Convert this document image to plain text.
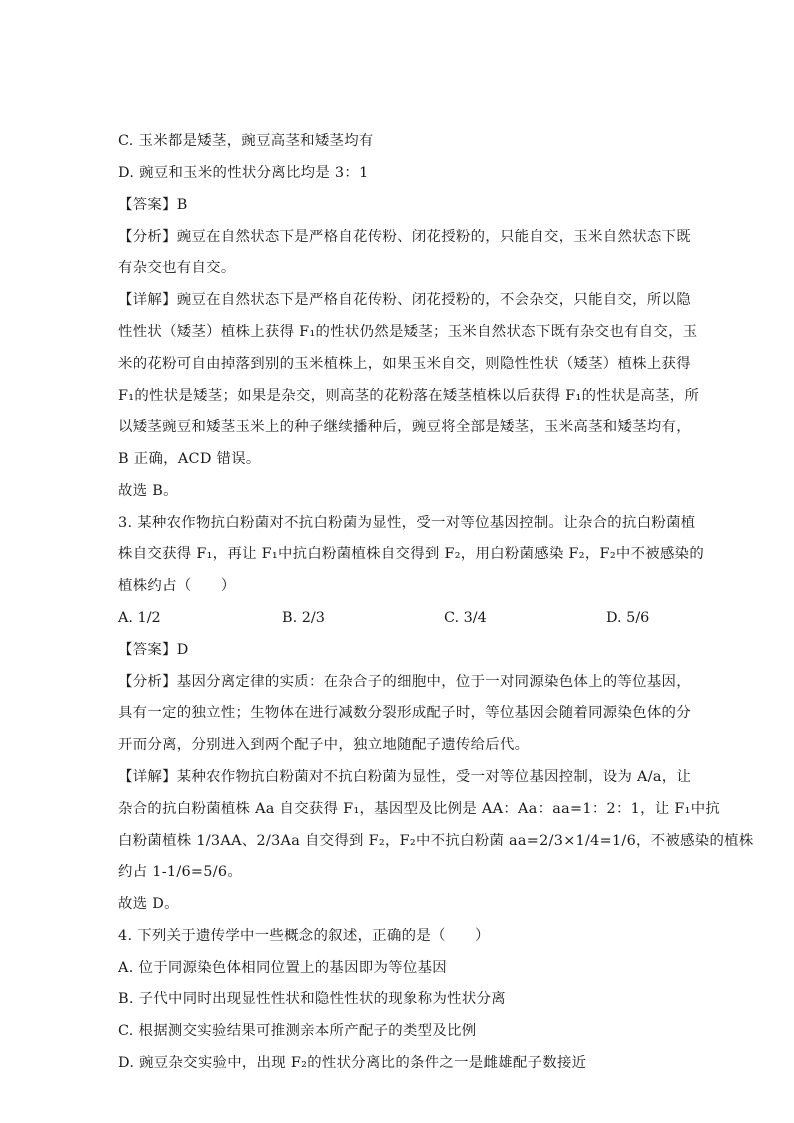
C. 玉米都是矮茎，豌豆高茎和矮茎均有
D. 豌豆和玉米的性状分离比均是 3：1
【答案】B
【分析】豌豆在自然状态下是严格自花传粉、闭花授粉的，只能自交，玉米自然状态下既
有杂交也有自交。
【详解】豌豆在自然状态下是严格自花传粉、闭花授粉的，不会杂交，只能自交，所以隐
性性状（矮茎）植株上获得 F₁的性状仍然是矮茎；玉米自然状态下既有杂交也有自交，玉
米的花粉可自由掉落到别的玉米植株上，如果玉米自交，则隐性性状（矮茎）植株上获得
F₁的性状是矮茎；如果是杂交，则高茎的花粉落在矮茎植株以后获得 F₁的性状是高茎，所
以矮茎豌豆和矮茎玉米上的种子继续播种后，豌豆将全部是矮茎，玉米高茎和矮茎均有，
B 正确，ACD 错误。
故选 B。
3. 某种农作物抗白粉菌对不抗白粉菌为显性，受一对等位基因控制。让杂合的抗白粉菌植
株自交获得 F₁，再让 F₁中抗白粉菌植株自交得到 F₂，用白粉菌感染 F₂，F₂中不被感染的
植株约占（　　）
A. 1/2	B. 2/3	C. 3/4	D. 5/6
【答案】D
【分析】基因分离定律的实质：在杂合子的细胞中，位于一对同源染色体上的等位基因，
具有一定的独立性；生物体在进行减数分裂形成配子时，等位基因会随着同源染色体的分
开而分离，分别进入到两个配子中，独立地随配子遗传给后代。
【详解】某种农作物抗白粉菌对不抗白粉菌为显性，受一对等位基因控制，设为 A/a，让
杂合的抗白粉菌植株 Aa 自交获得 F₁，基因型及比例是 AA：Aa：aa=1：2：1，让 F₁中抗
白粉菌植株 1/3AA、2/3Aa 自交得到 F₂，F₂中不抗白粉菌 aa=2/3×1/4=1/6，不被感染的植株
约占 1-1/6=5/6。
故选 D。
4. 下列关于遗传学中一些概念的叙述，正确的是（　　）
A. 位于同源染色体相同位置上的基因即为等位基因
B. 子代中同时出现显性性状和隐性性状的现象称为性状分离
C. 根据测交实验结果可推测亲本所产配子的类型及比例
D. 豌豆杂交实验中，出现 F₂的性状分离比的条件之一是雌雄配子数接近
